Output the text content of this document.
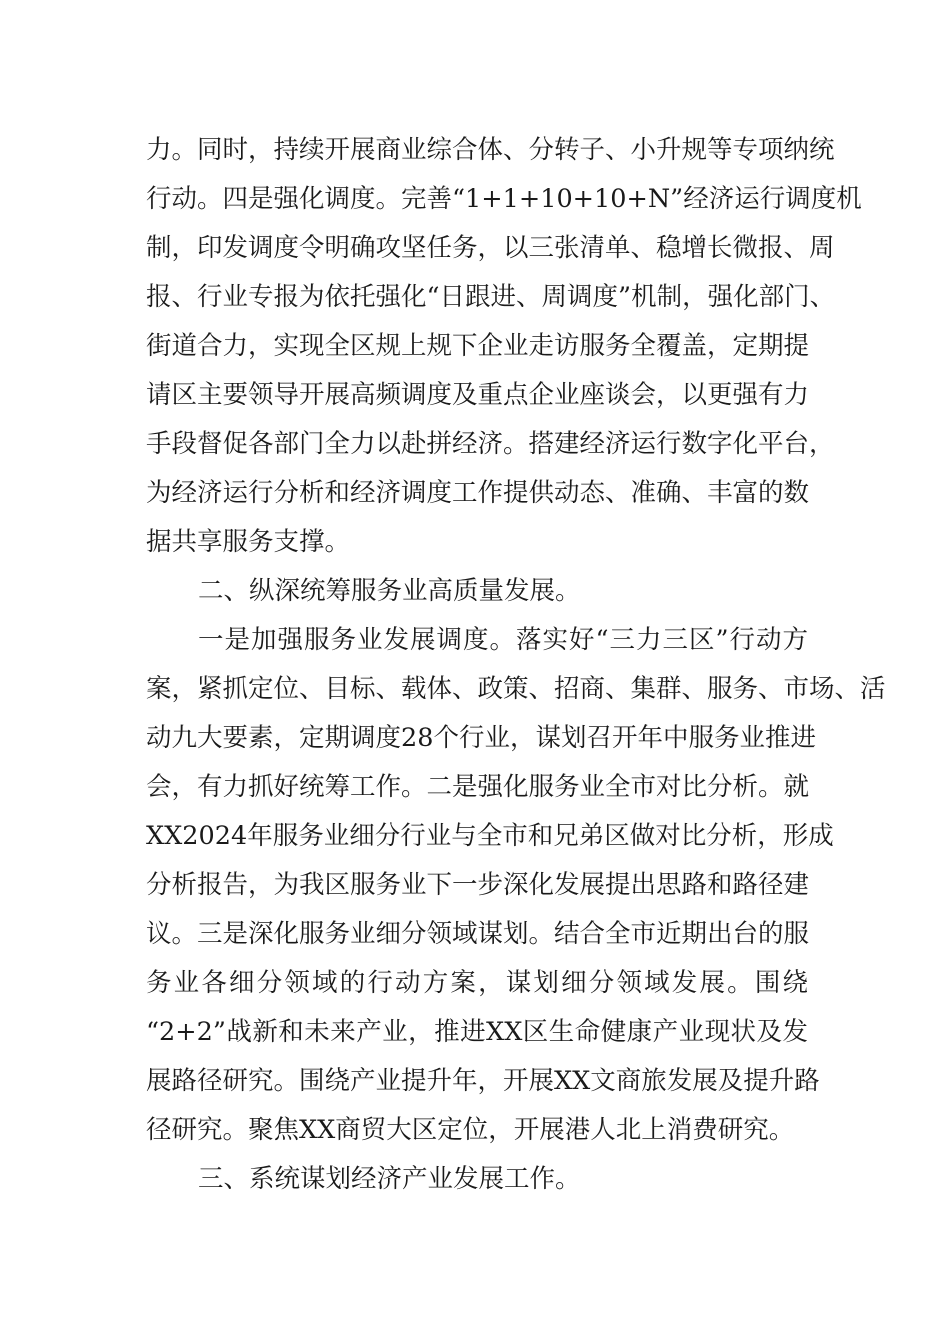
力。同时，持续开展商业综合体、分转子、小升规等专项纳统
行动。四是强化调度。完善“1+1+10+10+N”经济运行调度机
制，印发调度令明确攻坚任务，以三张清单、稳增长微报、周
报、行业专报为依托强化“日跟进、周调度”机制，强化部门、
街道合力，实现全区规上规下企业走访服务全覆盖，定期提
请区主要领导开展高频调度及重点企业座谈会，以更强有力
手段督促各部门全力以赴拼经济。搭建经济运行数字化平台，
为经济运行分析和经济调度工作提供动态、准确、丰富的数
据共享服务支撑。
二、纵深统筹服务业高质量发展。
一是加强服务业发展调度。落实好“三力三区”行动方
案，紧抓定位、目标、载体、政策、招商、集群、服务、市场、活
动九大要素，定期调度28个行业，谋划召开年中服务业推进
会，有力抓好统筹工作。二是强化服务业全市对比分析。就
XX2024年服务业细分行业与全市和兄弟区做对比分析，形成
分析报告，为我区服务业下一步深化发展提出思路和路径建
议。三是深化服务业细分领域谋划。结合全市近期出台的服
务业各细分领域的行动方案，谋划细分领域发展。围绕
“2+2”战新和未来产业，推进XX区生命健康产业现状及发
展路径研究。围绕产业提升年，开展XX文商旅发展及提升路
径研究。聚焦XX商贸大区定位，开展港人北上消费研究。
三、系统谋划经济产业发展工作。
